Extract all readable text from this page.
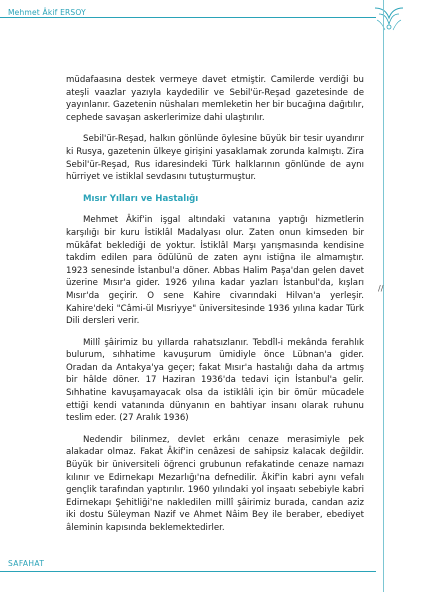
Mehmet Âkif ERSOY
//

müdafaasına destek vermeye davet etmiştir. Camilerde verdiği bu ateşli vaazlar yazıyla kaydedilir ve Sebil'ür-Reşad gazetesinde de yayınlanır. Gazetenin nüshaları memleketin her bir bucağına dağıtılır, cephede savaşan askerlerimize dahi ulaştırılır.

Sebil'ür-Reşad, halkın gönlünde öylesine büyük bir tesir uyandırır ki Rusya, gazetenin ülkeye girişini yasaklamak zorunda kalmıştı. Zira Sebil'ür-Reşad, Rus idaresindeki Türk halklarının gönlünde de aynı hürriyet ve istiklal sevdasını tutuşturmuştur.

Mısır Yılları ve Hastalığı

Mehmet Âkif'in işgal altındaki vatanına yaptığı hizmetlerin karşılığı bir kuru İstiklâl Madalyası olur. Zaten onun kimseden bir mükâfat beklediği de yoktur. İstiklâl Marşı yarışmasında kendisine takdim edilen para ödülünü de zaten aynı istiğna ile almamıştır. 1923 senesinde İstanbul'a döner. Abbas Halim Paşa'dan gelen davet üzerine Mısır'a gider. 1926 yılına kadar yazları İstanbul'da, kışları Mısır'da geçirir. O sene Kahire civarındaki Hilvan'a yerleşir. Kahire'deki "Câmi-ül Mısriyye" üniversitesinde 1936 yılına kadar Türk Dili dersleri verir.

Millî şâirimiz bu yıllarda rahatsızlanır. Tebdîl-i mekânda ferahlık bulurum, sıhhatime kavuşurum ümidiyle önce Lübnan'a gider. Oradan da Antakya'ya geçer; fakat Mısır'a hastalığı daha da artmış bir hâlde döner. 17 Haziran 1936'da tedavi için İstanbul'a gelir. Sıhhatine kavuşamayacak olsa da istiklâli için bir ömür mücadele ettiği kendi vatanında dünyanın en bahtiyar insanı olarak ruhunu teslim eder. (27 Aralık 1936)

Nedendir bilinmez, devlet erkânı cenaze merasimiyle pek alakadar olmaz. Fakat Âkif'in cenâzesi de sahipsiz kalacak değildir. Büyük bir üniversiteli öğrenci grubunun refakatinde cenaze namazı kılınır ve Edirnekapı Mezarlığı'na defnedilir. Âkif'in kabri aynı vefalı gençlik tarafından yaptırılır. 1960 yılındaki yol inşaatı sebebiyle kabri Edirnekapı Şehitliği'ne nakledilen millî şâirimiz burada, candan aziz iki dostu Süleyman Nazif ve Ahmet Nâim Bey ile beraber, ebediyet âleminin kapısında beklemektedirler.

SAFAHAT
